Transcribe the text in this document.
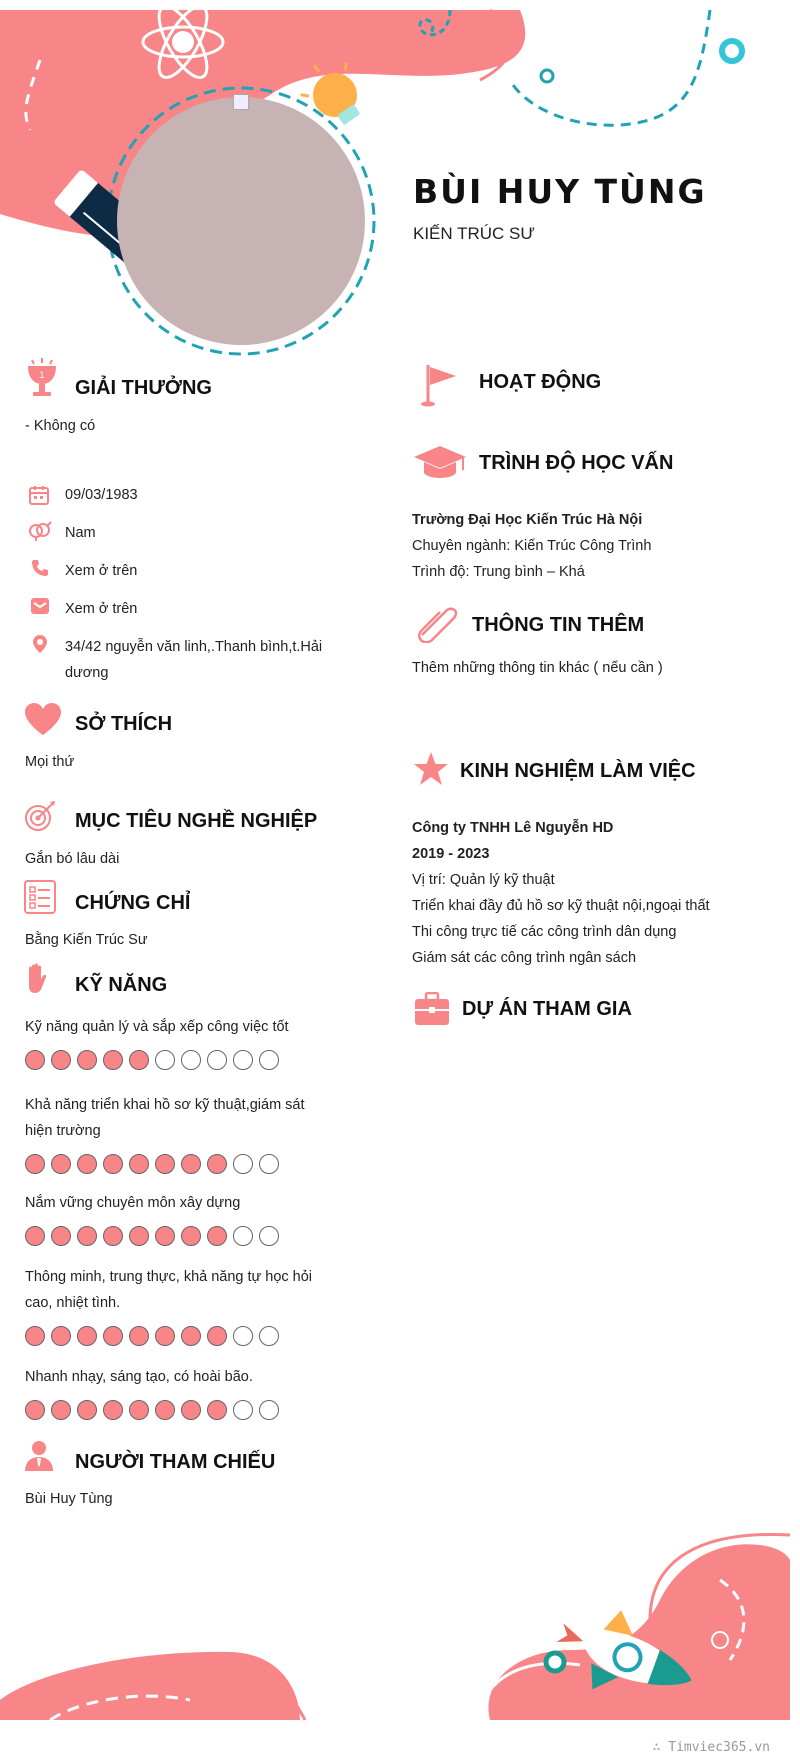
BÙI HUY TÙNG
KIẾN TRÚC SƯ
1
GIẢI THƯỞNG
- Không có
09/03/1983
Nam
Xem ở trên
Xem ở trên
34/42 nguyễn văn linh,.Thanh bình,t.Hải
dương
SỞ THÍCH
Mọi thứ
MỤC TIÊU NGHỀ NGHIỆP
Gắn bó lâu dài
CHỨNG CHỈ
Bằng Kiến Trúc Sư
KỸ NĂNG
Kỹ năng quản lý và sắp xếp công việc tốt
Khả năng triển khai hồ sơ kỹ thuật,giám sát
hiện trường
Nắm vững chuyên môn xây dựng
Thông minh, trung thực, khả năng tự học hỏi
cao, nhiệt tình.
Nhanh nhạy, sáng tạo, có hoài bão.
NGƯỜI THAM CHIẾU
Bùi Huy Tùng
HOẠT ĐỘNG
TRÌNH ĐỘ HỌC VẤN
Trường Đại Học Kiến Trúc Hà Nội
Chuyên ngành: Kiến Trúc Công Trình
Trình độ: Trung bình – Khá
THÔNG TIN THÊM
Thêm những thông tin khác ( nếu cần )
KINH NGHIỆM LÀM VIỆC
Công ty TNHH Lê Nguyễn HD
2019 - 2023
Vị trí: Quản lý kỹ thuật
Triển khai đầy đủ hồ sơ kỹ thuật nội,ngoại thất
Thi công trực tiế các công trình dân dụng
Giám sát các công trình ngân sách
DỰ ÁN THAM GIA
∴ Timviec365.vn
